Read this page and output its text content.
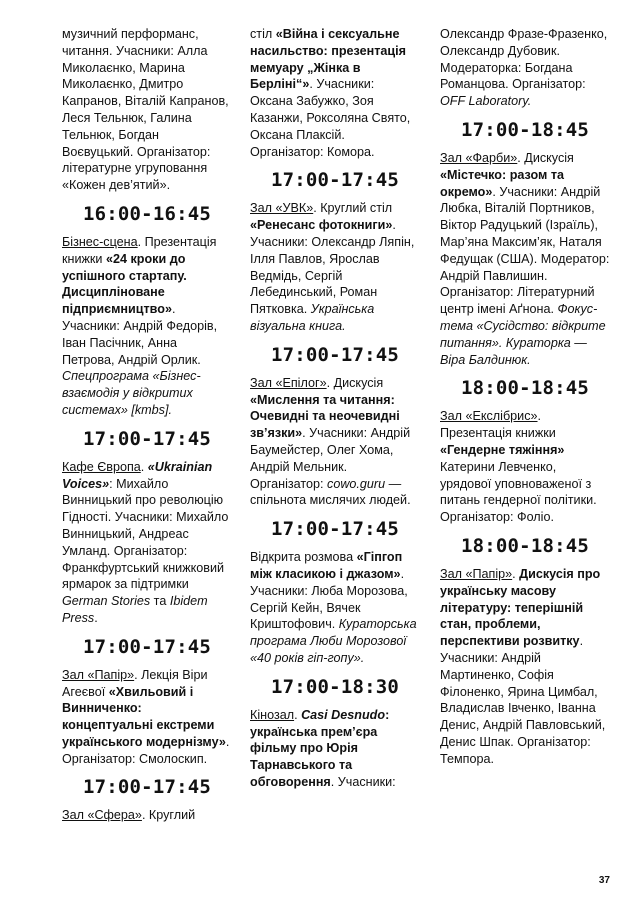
музичний перформанс, читання. Учасники: Алла Миколаєнко, Марина Миколаєнко, Дмитро Капранов, Віталій Капранов, Леся Тельнюк, Галина Тельнюк, Богдан Воєвуцький. Організатор: літературне угруповання «Кожен дев’ятий».

16:00-16:45

Бізнес-сцена. Презентація книжки «24 кроки до успішного стартапу. Дисципліноване підприємництво». Учасники: Андрій Федорів, Іван Пасічник, Анна Петрова, Андрій Орлик. Спецпрограма «Бізнес-взаємодія у відкритих системах» [kmbs].

17:00-17:45

Кафе Європа. «Ukrainian Voices»: Михайло Винницький про революцію Гідності. Учасники: Михайло Винницький, Андреас Умланд. Організатор: Франкфуртський книжковий ярмарок за підтримки German Stories та Ibidem Press.

17:00-17:45

Зал «Папір». Лекція Віри Агеєвої «Хвильовий і Винниченко: концептуальні екстреми українського модернізму». Організатор: Смолоскип.

17:00-17:45

Зал «Сфера». Круглий

стіл «Війна і сексуальне насильство: презентація мемуару „Жінка в Берліні“». Учасники: Оксана Забужко, Зоя Казанжи, Роксоляна Свято, Оксана Плаксій. Організатор: Комора.

17:00-17:45

Зал «УВК». Круглий стіл «Ренесанс фотокниги». Учасники: Олександр Ляпін, Ілля Павлов, Ярослав Ведмідь, Сергій Лебединський, Роман Пятковка. Українська візуальна книга.

17:00-17:45

Зал «Епілог». Дискусія «Мислення та читання: Очевидні та неочевидні зв’язки». Учасники: Андрій Баумейстер, Олег Хома, Андрій Мельник. Організатор: cowo.guru — спільнота мислячих людей.

17:00-17:45

Відкрита розмова «Гіпгоп між класикою і джазом». Учасники: Люба Морозова, Сергій Кейн, Вячек Криштофович. Кураторська програма Люби Морозової «40 років гіп-гопу».

17:00-18:30

Кінозал. Casi Desnudo: українська прем’єра фільму про Юрія Тарнавського та обговорення. Учасники:

Олександр Фразе-Фразенко, Олександр Дубовик. Модераторка: Богдана Романцова. Організатор: OFF Laboratory.

17:00-18:45

Зал «Фарби». Дискусія «Містечко: разом та окремо». Учасники: Андрій Любка, Віталій Портников, Віктор Радуцький (Ізраїль), Мар’яна Максим’як, Наталя Федущак (США). Модератор: Андрій Павлишин. Організатор: Літературний центр імені Аґнона. Фокус-тема «Сусідство: відкрите питання». Кураторка — Віра Балдинюк.

18:00-18:45

Зал «Екслібрис». Презентація книжки «Гендерне тяжіння» Катерини Левченко, урядової уповноваженої з питань гендерної політики. Організатор: Фоліо.

18:00-18:45

Зал «Папір». Дискусія про українську масову літературу: теперішній стан, проблеми, перспективи розвитку. Учасники: Андрій Мартиненко, Софія Філоненко, Ярина Цимбал, Владислав Івченко, Іванна Денис, Андрій Павловський, Денис Шпак. Організатор: Темпора.

37
